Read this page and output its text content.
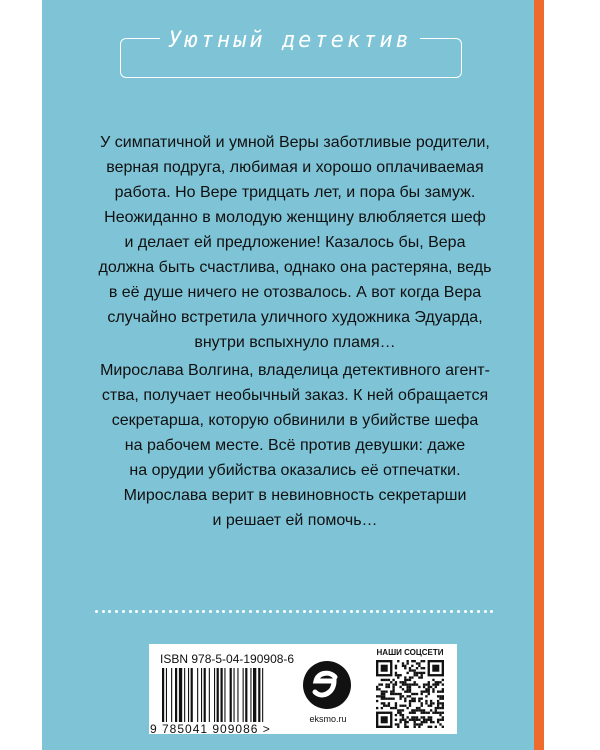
Уютный детектив
У симпатичной и умной Веры заботливые родители,
верная подруга, любимая и хорошо оплачиваемая
работа. Но Вере тридцать лет, и пора бы замуж.
Неожиданно в молодую женщину влюбляется шеф
и делает ей предложение! Казалось бы, Вера
должна быть счастлива, однако она растеряна, ведь
в её душе ничего не отозвалось. А вот когда Вера
случайно встретила уличного художника Эдуарда,
внутри вспыхнуло пламя…
Мирослава Волгина, владелица детективного агент-
ства, получает необычный заказ. К ней обращается
секретарша, которую обвинили в убийстве шефа
на рабочем месте. Всё против девушки: даже
на орудии убийства оказались её отпечатки.
Мирослава верит в невиновность секретарши
и решает ей помочь…
ISBN 978-5-04-190908-6
9 785041 909086 >
eksmo.ru
НАШИ СОЦСЕТИ
